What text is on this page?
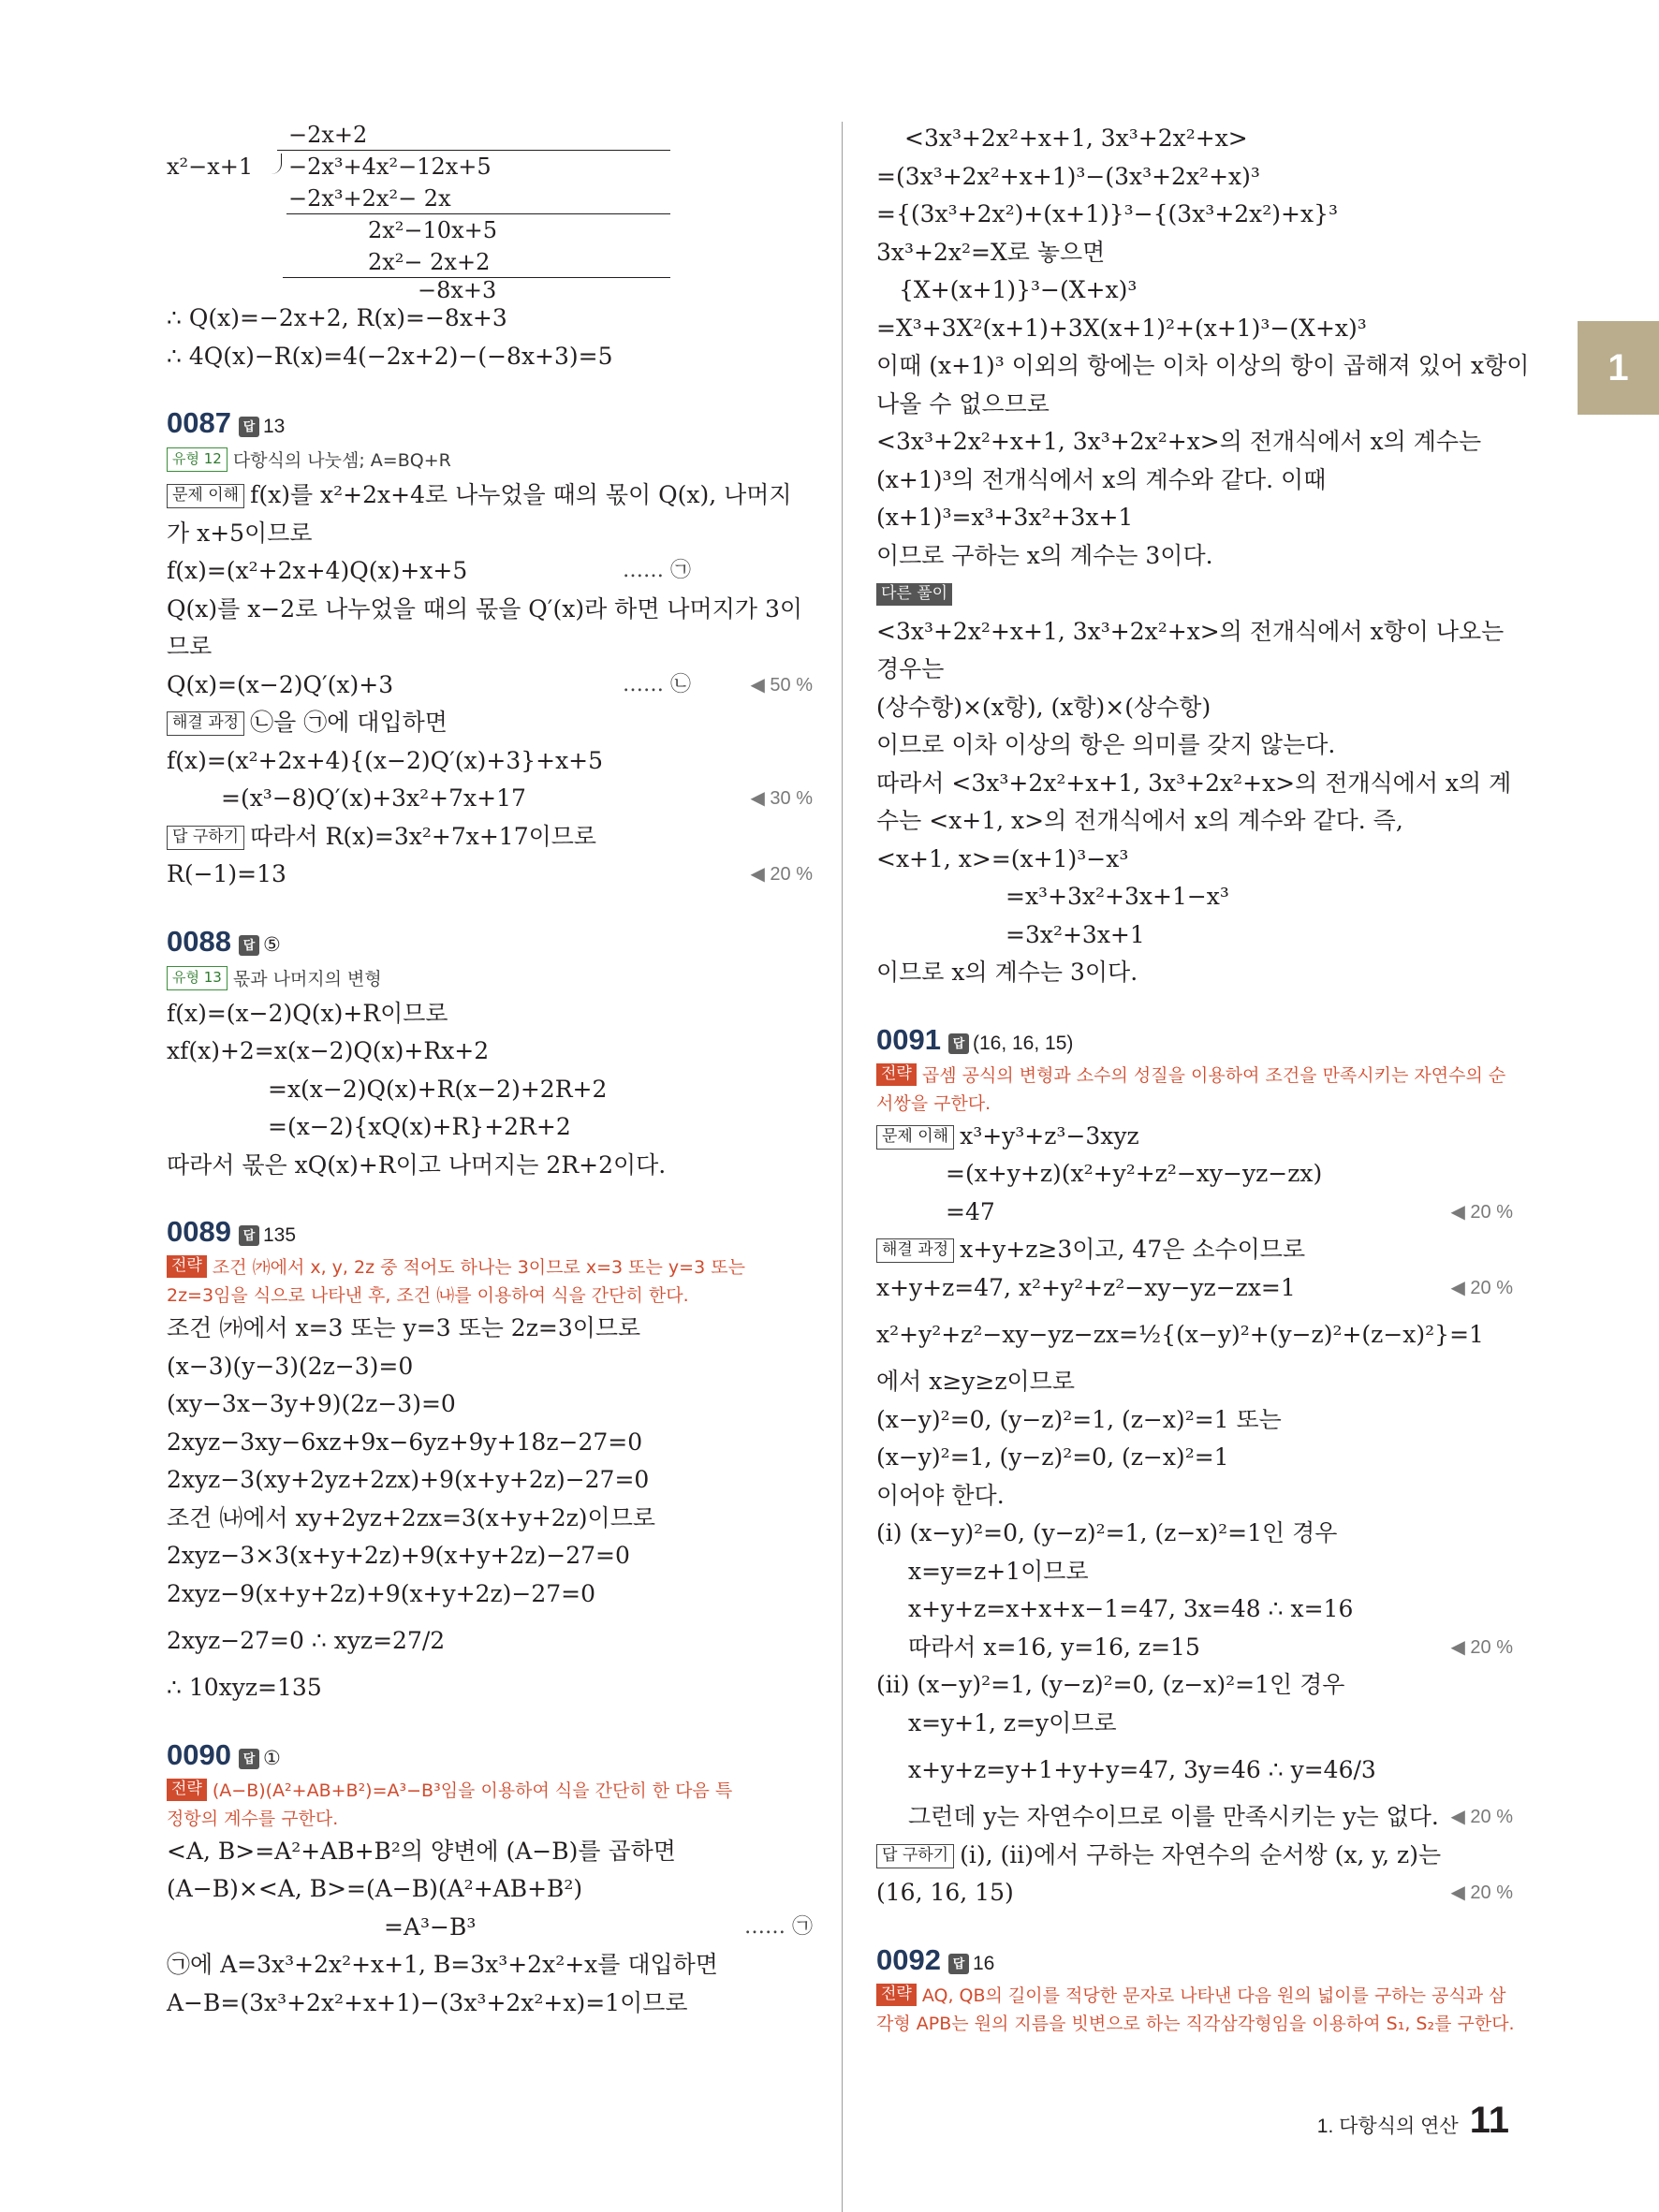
1
−2x+2
x²−x+1 −2x³+4x²−12x+5
−2x³+2x²− 2x
2x²−10x+5
2x²− 2x+2
−8x+3
∴ Q(x)=−2x+2, R(x)=−8x+3
∴ 4Q(x)−R(x)=4(−2x+2)−(−8x+3)=5
0087 답 13
유형 12 다항식의 나눗셈; A=BQ+R
문제 이해 f(x)를 x²+2x+4로 나누었을 때의 몫이 Q(x), 나머지
가 x+5이므로
f(x)=(x²+2x+4)Q(x)+x+5	…… ㉠
Q(x)를 x−2로 나누었을 때의 몫을 Q′(x)라 하면 나머지가 3이
므로
Q(x)=(x−2)Q′(x)+3	…… ㉡	◀ 50 %
해결 과정 ㉡을 ㉠에 대입하면
f(x)=(x²+2x+4){(x−2)Q′(x)+3}+x+5
=(x³−8)Q′(x)+3x²+7x+17	◀ 30 %
답 구하기 따라서 R(x)=3x²+7x+17이므로
R(−1)=13	◀ 20 %
0088 답 ⑤
유형 13 몫과 나머지의 변형
f(x)=(x−2)Q(x)+R이므로
xf(x)+2=x(x−2)Q(x)+Rx+2
=x(x−2)Q(x)+R(x−2)+2R+2
=(x−2){xQ(x)+R}+2R+2
따라서 몫은 xQ(x)+R이고 나머지는 2R+2이다.
0089 답 135
전략 조건 ㈎에서 x, y, 2z 중 적어도 하나는 3이므로 x=3 또는 y=3 또는
2z=3임을 식으로 나타낸 후, 조건 ㈏를 이용하여 식을 간단히 한다.
조건 ㈎에서 x=3 또는 y=3 또는 2z=3이므로
(x−3)(y−3)(2z−3)=0
(xy−3x−3y+9)(2z−3)=0
2xyz−3xy−6xz+9x−6yz+9y+18z−27=0
2xyz−3(xy+2yz+2zx)+9(x+y+2z)−27=0
조건 ㈏에서 xy+2yz+2zx=3(x+y+2z)이므로
2xyz−3×3(x+y+2z)+9(x+y+2z)−27=0
2xyz−9(x+y+2z)+9(x+y+2z)−27=0
2xyz−27=0 ∴ xyz=27/2
∴ 10xyz=135
0090 답 ①
전략 (A−B)(A²+AB+B²)=A³−B³임을 이용하여 식을 간단히 한 다음 특
정항의 계수를 구한다.
<A, B>=A²+AB+B²의 양변에 (A−B)를 곱하면
(A−B)×<A, B>=(A−B)(A²+AB+B²)
=A³−B³	…… ㉠
㉠에 A=3x³+2x²+x+1, B=3x³+2x²+x를 대입하면
A−B=(3x³+2x²+x+1)−(3x³+2x²+x)=1이므로
<3x³+2x²+x+1, 3x³+2x²+x>
=(3x³+2x²+x+1)³−(3x³+2x²+x)³
={(3x³+2x²)+(x+1)}³−{(3x³+2x²)+x}³
3x³+2x²=X로 놓으면
{X+(x+1)}³−(X+x)³
=X³+3X²(x+1)+3X(x+1)²+(x+1)³−(X+x)³
이때 (x+1)³ 이외의 항에는 이차 이상의 항이 곱해져 있어 x항이
나올 수 없으므로
<3x³+2x²+x+1, 3x³+2x²+x>의 전개식에서 x의 계수는
(x+1)³의 전개식에서 x의 계수와 같다. 이때
(x+1)³=x³+3x²+3x+1
이므로 구하는 x의 계수는 3이다.
다른 풀이
<3x³+2x²+x+1, 3x³+2x²+x>의 전개식에서 x항이 나오는
경우는
(상수항)×(x항), (x항)×(상수항)
이므로 이차 이상의 항은 의미를 갖지 않는다.
따라서 <3x³+2x²+x+1, 3x³+2x²+x>의 전개식에서 x의 계
수는 <x+1, x>의 전개식에서 x의 계수와 같다. 즉,
<x+1, x>=(x+1)³−x³
=x³+3x²+3x+1−x³
=3x²+3x+1
이므로 x의 계수는 3이다.
0091 답 (16, 16, 15)
전략 곱셈 공식의 변형과 소수의 성질을 이용하여 조건을 만족시키는 자연수의 순
서쌍을 구한다.
문제 이해 x³+y³+z³−3xyz
=(x+y+z)(x²+y²+z²−xy−yz−zx)
=47	◀ 20 %
해결 과정 x+y+z≥3이고, 47은 소수이므로
x+y+z=47, x²+y²+z²−xy−yz−zx=1	◀ 20 %
x²+y²+z²−xy−yz−zx=½{(x−y)²+(y−z)²+(z−x)²}=1
에서 x≥y≥z이므로
(x−y)²=0, (y−z)²=1, (z−x)²=1 또는
(x−y)²=1, (y−z)²=0, (z−x)²=1
이어야 한다.
(ⅰ) (x−y)²=0, (y−z)²=1, (z−x)²=1인 경우
x=y=z+1이므로
x+y+z=x+x+x−1=47, 3x=48 ∴ x=16
따라서 x=16, y=16, z=15	◀ 20 %
(ⅱ) (x−y)²=1, (y−z)²=0, (z−x)²=1인 경우
x=y+1, z=y이므로
x+y+z=y+1+y+y=47, 3y=46 ∴ y=46/3
그런데 y는 자연수이므로 이를 만족시키는 y는 없다. ◀ 20 %
답 구하기 (ⅰ), (ⅱ)에서 구하는 자연수의 순서쌍 (x, y, z)는
(16, 16, 15)	◀ 20 %
0092 답 16
전략 AQ, QB의 길이를 적당한 문자로 나타낸 다음 원의 넓이를 구하는 공식과 삼
각형 APB는 원의 지름을 빗변으로 하는 직각삼각형임을 이용하여 S₁, S₂를 구한다.
1. 다항식의 연산 11
